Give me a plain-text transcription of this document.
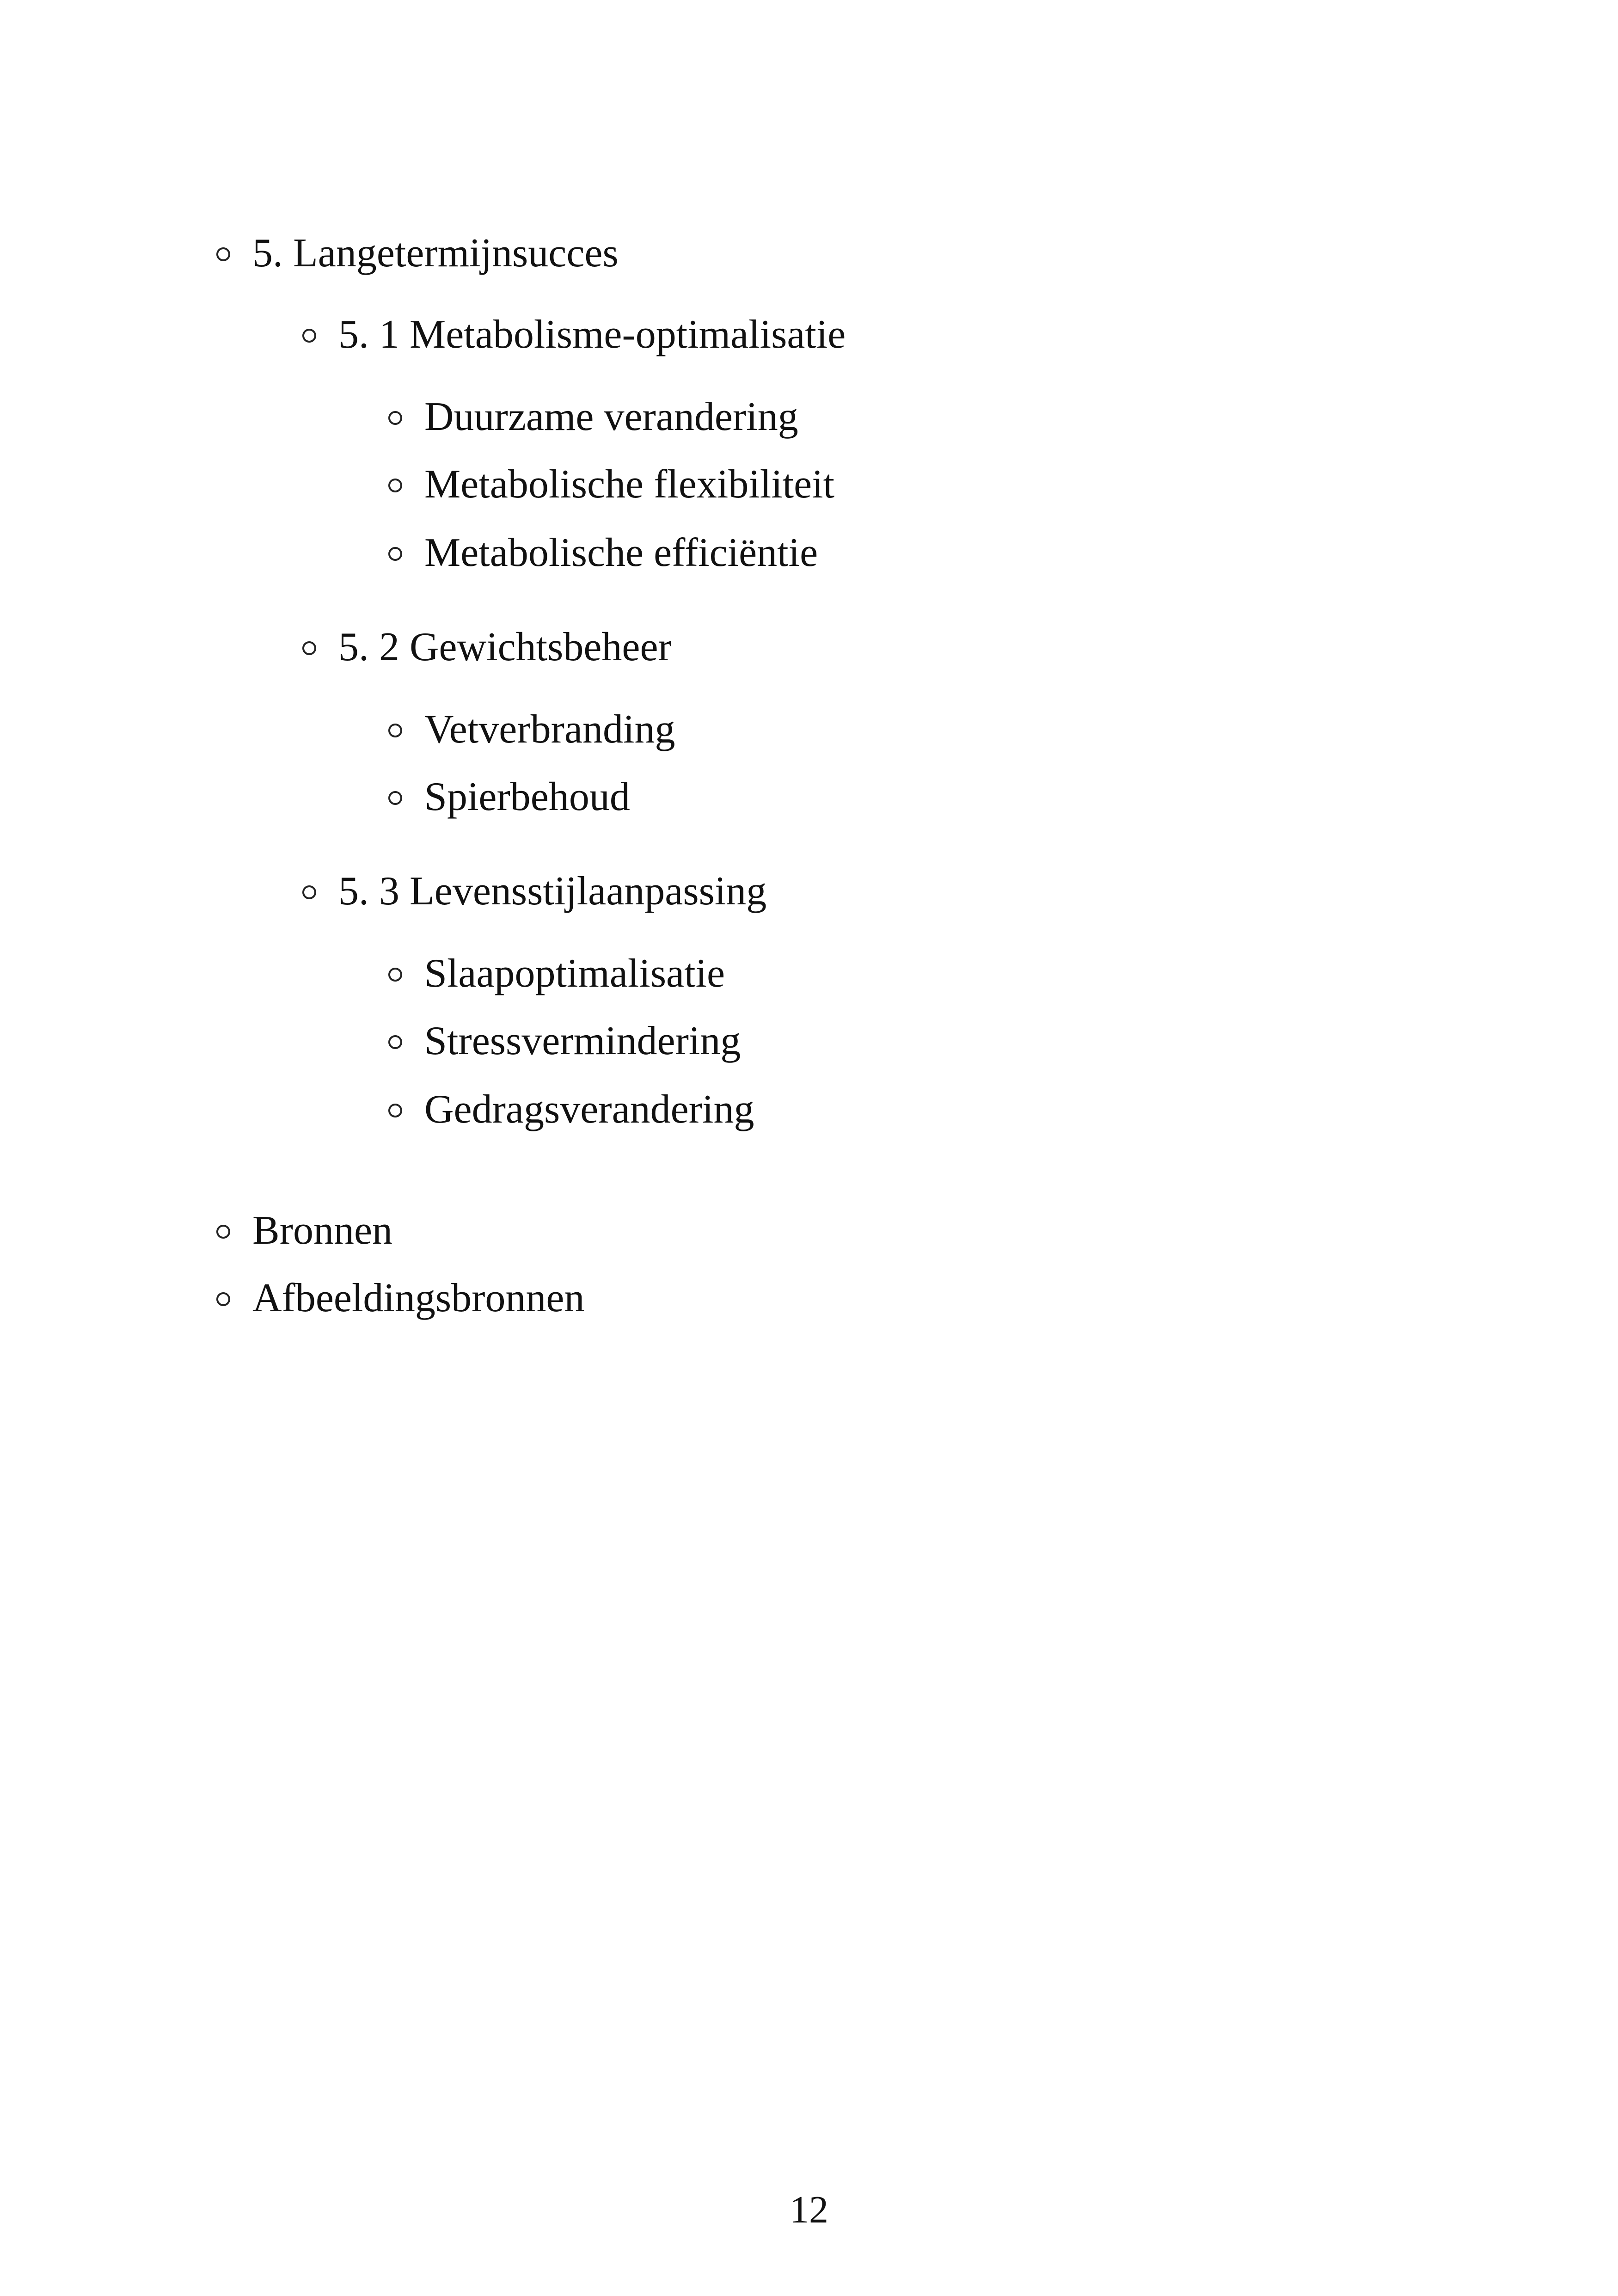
5. Langetermijnsucces
5. 1 Metabolisme-optimalisatie
Duurzame verandering
Metabolische flexibiliteit
Metabolische efficiëntie
5. 2 Gewichtsbeheer
Vetverbranding
Spierbehoud
5. 3 Levensstijlaanpassing
Slaapoptimalisatie
Stressvermindering
Gedragsverandering
Bronnen
Afbeeldingsbronnen
12
